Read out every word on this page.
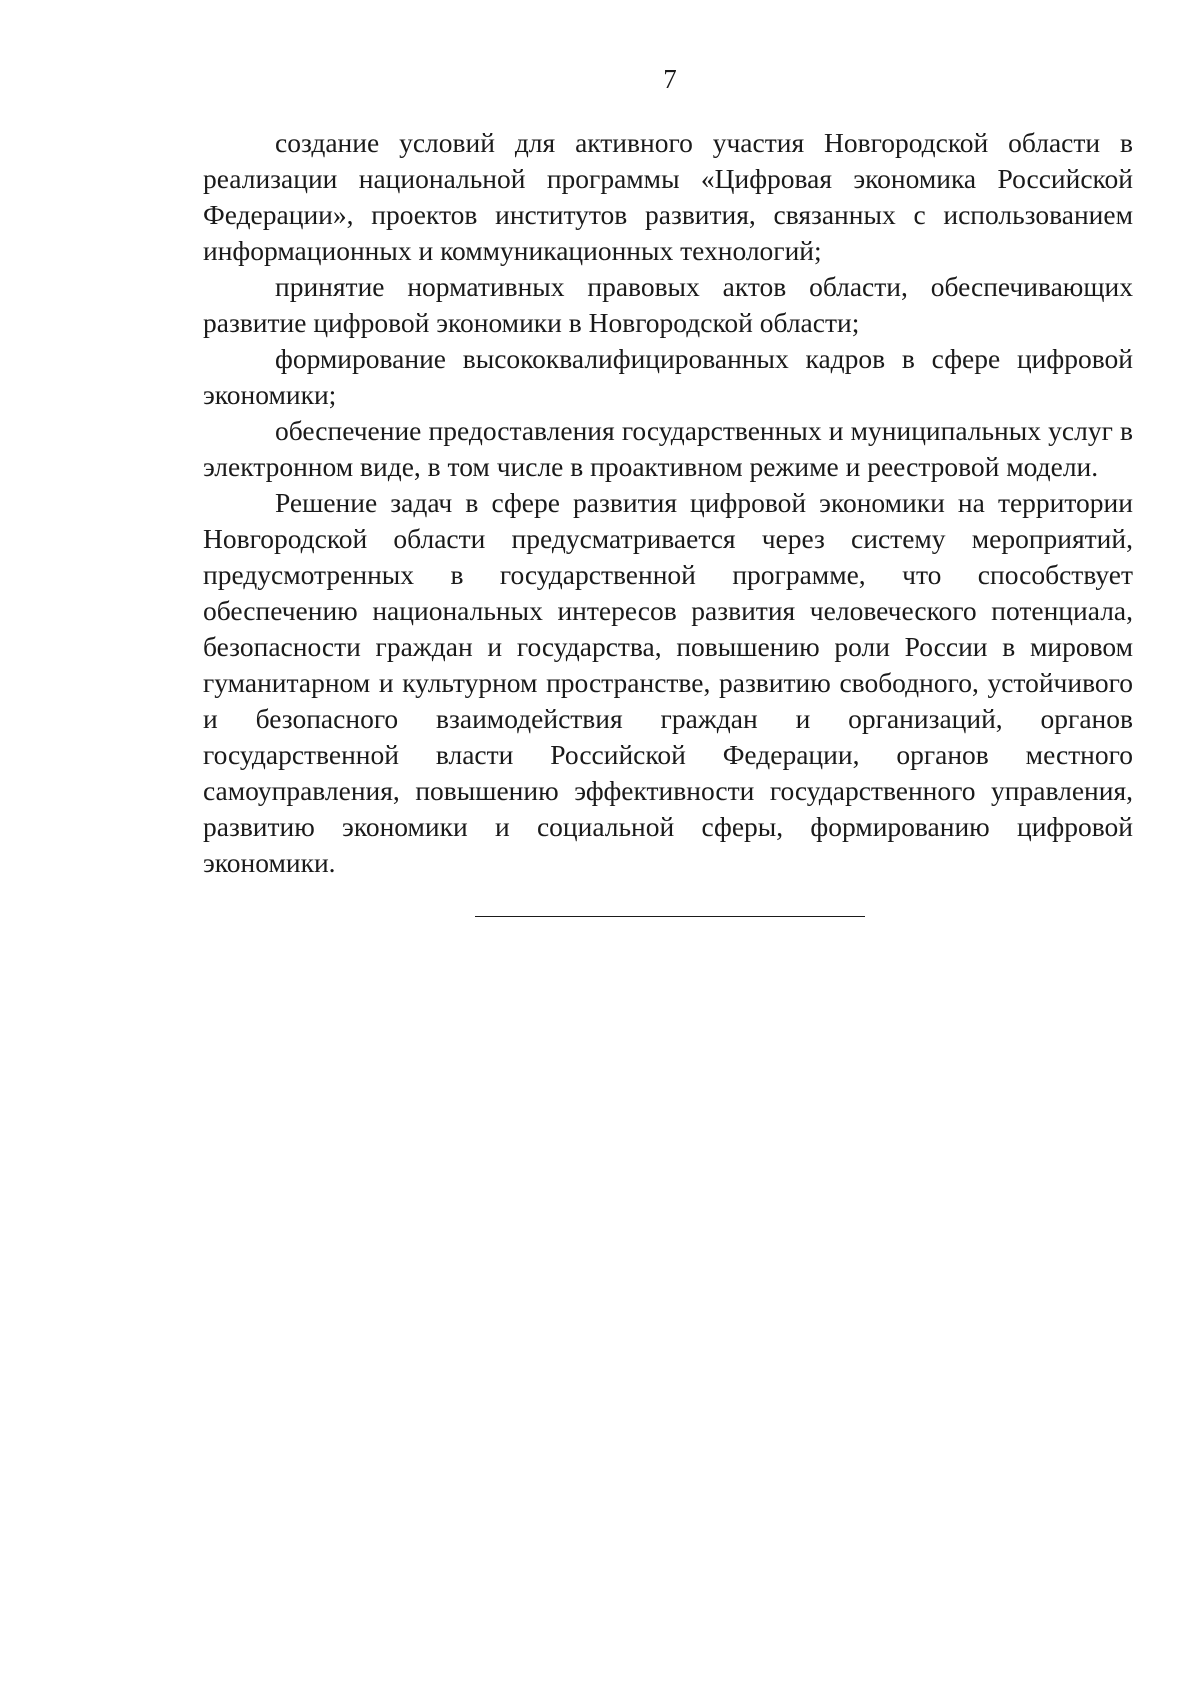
7

создание условий для активного участия Новгородской области в реализации национальной программы «Цифровая экономика Российской Федерации», проектов институтов развития, связанных с использованием информационных и коммуникационных технологий;

принятие нормативных правовых актов области, обеспечивающих развитие цифровой экономики в Новгородской области;

формирование высококвалифицированных кадров в сфере цифровой экономики;

обеспечение предоставления государственных и муниципальных услуг в электронном виде, в том числе в проактивном режиме и реестровой модели.

Решение задач в сфере развития цифровой экономики на территории Новгородской области предусматривается через систему мероприятий, предусмотренных в государственной программе, что способствует обеспечению национальных интересов развития человеческого потенциала, безопасности граждан и государства, повышению роли России в мировом гуманитарном и культурном пространстве, развитию свободного, устойчивого и безопасного взаимодействия граждан и организаций, органов государственной власти Российской Федерации, органов местного самоуправления, повышению эффективности государственного управления, развитию экономики и социальной сферы, формированию цифровой экономики.
